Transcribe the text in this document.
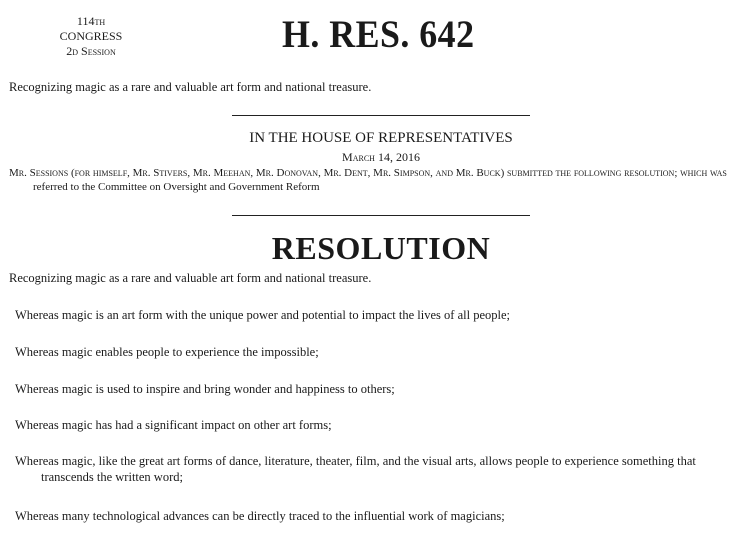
114th CONGRESS
2d Session	H. RES. 642
Recognizing magic as a rare and valuable art form and national treasure.
IN THE HOUSE OF REPRESENTATIVES
March 14, 2016
Mr. Sessions (for himself, Mr. Stivers, Mr. Meehan, Mr. Donovan, Mr. Dent, Mr. Simpson, and Mr. Buck) submitted the following resolution; which was
referred to the Committee on Oversight and Government Reform
RESOLUTION
Recognizing magic as a rare and valuable art form and national treasure.
Whereas magic is an art form with the unique power and potential to impact the lives of all people;
Whereas magic enables people to experience the impossible;
Whereas magic is used to inspire and bring wonder and happiness to others;
Whereas magic has had a significant impact on other art forms;
Whereas magic, like the great art forms of dance, literature, theater, film, and the visual arts, allows people to experience something that
transcends the written word;
Whereas many technological advances can be directly traced to the influential work of magicians;
